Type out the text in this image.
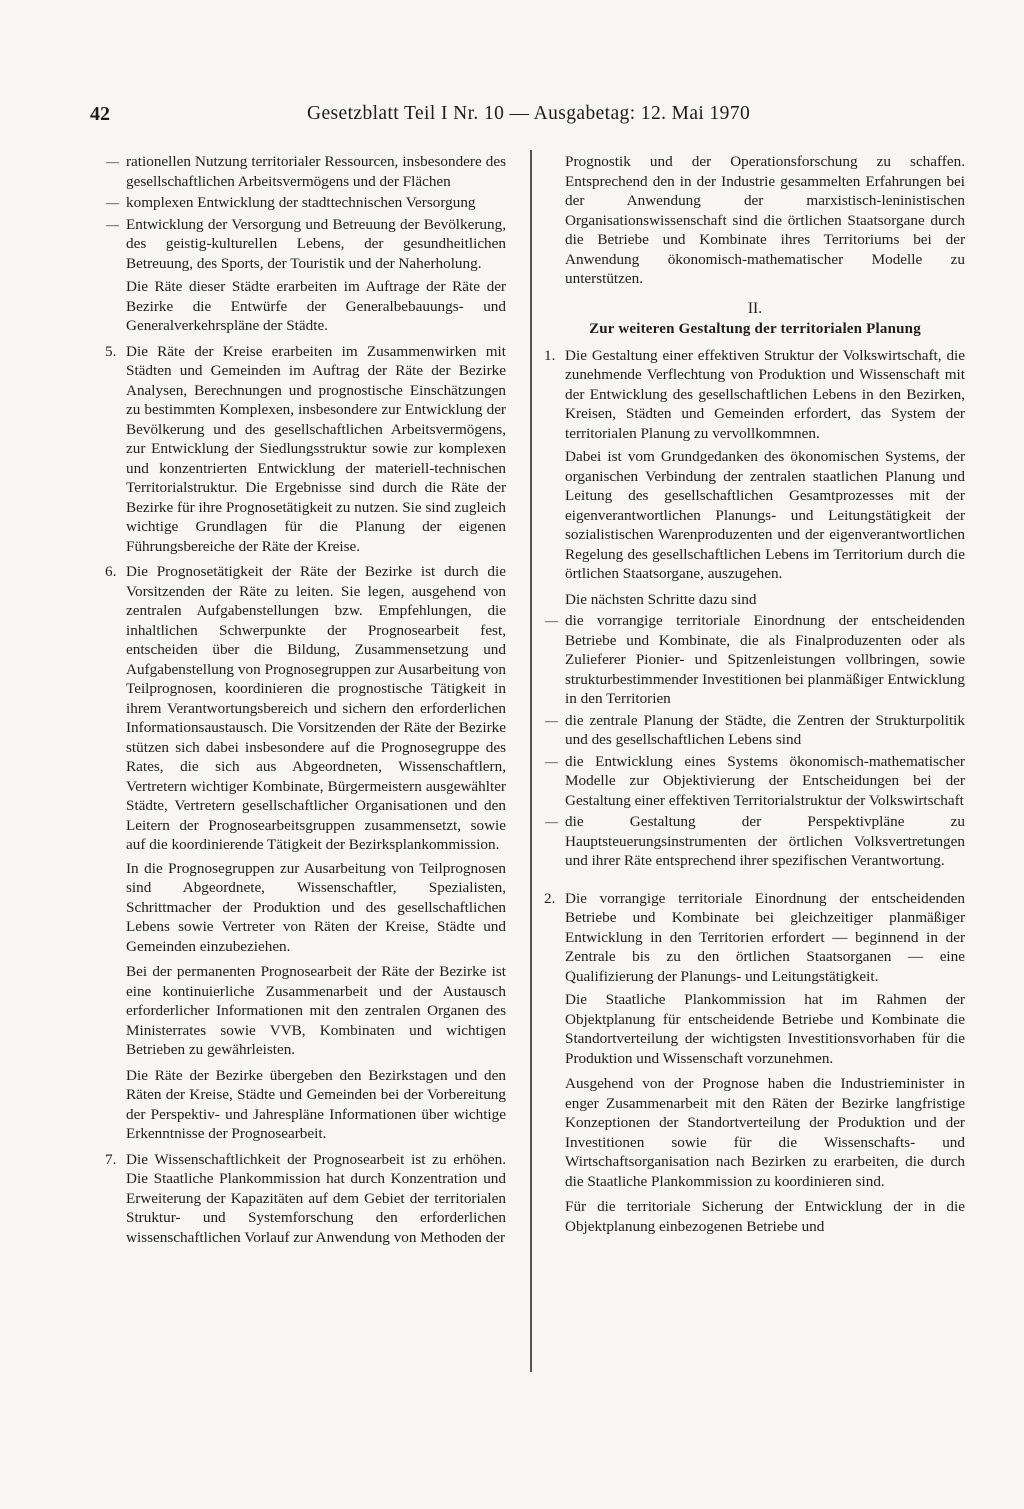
42	Gesetzblatt Teil I Nr. 10 — Ausgabetag: 12. Mai 1970
— rationellen Nutzung territorialer Ressourcen, insbesondere des gesellschaftlichen Arbeitsvermögens und der Flächen
— komplexen Entwicklung der stadttechnischen Versorgung
— Entwicklung der Versorgung und Betreuung der Bevölkerung, des geistig-kulturellen Lebens, der gesundheitlichen Betreuung, des Sports, der Touristik und der Naherholung.

Die Räte dieser Städte erarbeiten im Auftrage der Räte der Bezirke die Entwürfe der Generalbebauungs- und Generalverkehrspläne der Städte.

5. Die Räte der Kreise erarbeiten im Zusammenwirken mit Städten und Gemeinden im Auftrag der Räte der Bezirke Analysen, Berechnungen und prognostische Einschätzungen zu bestimmten Komplexen, insbesondere zur Entwicklung der Bevölkerung und des gesellschaftlichen Arbeitsvermögens, zur Entwicklung der Siedlungsstruktur sowie zur komplexen und konzentrierten Entwicklung der materiell-technischen Territorialstruktur. Die Ergebnisse sind durch die Räte der Bezirke für ihre Prognosetätigkeit zu nutzen. Sie sind zugleich wichtige Grundlagen für die Planung der eigenen Führungsbereiche der Räte der Kreise.
6. Die Prognosetätigkeit der Räte der Bezirke ist durch die Vorsitzenden der Räte zu leiten. Sie legen, ausgehend von zentralen Aufgabenstellungen bzw. Empfehlungen, die inhaltlichen Schwerpunkte der Prognosearbeit fest, entscheiden über die Bildung, Zusammensetzung und Aufgabenstellung von Prognosegruppen zur Ausarbeitung von Teilprognosen, koordinieren die prognostische Tätigkeit in ihrem Verantwortungsbereich und sichern den erforderlichen Informationsaustausch. Die Vorsitzenden der Räte der Bezirke stützen sich dabei insbesondere auf die Prognosegruppe des Rates, die sich aus Abgeordneten, Wissenschaftlern, Vertretern wichtiger Kombinate, Bürgermeistern ausgewählter Städte, Vertretern gesellschaftlicher Organisationen und den Leitern der Prognosearbeitsgruppen zusammensetzt, sowie auf die koordinierende Tätigkeit der Bezirksplankommission.

In die Prognosegruppen zur Ausarbeitung von Teilprognosen sind Abgeordnete, Wissenschaftler, Spezialisten, Schrittmacher der Produktion und des gesellschaftlichen Lebens sowie Vertreter von Räten der Kreise, Städte und Gemeinden einzubeziehen.

Bei der permanenten Prognosearbeit der Räte der Bezirke ist eine kontinuierliche Zusammenarbeit und der Austausch erforderlicher Informationen mit den zentralen Organen des Ministerrates sowie VVB, Kombinaten und wichtigen Betrieben zu gewährleisten.

Die Räte der Bezirke übergeben den Bezirkstagen und den Räten der Kreise, Städte und Gemeinden bei der Vorbereitung der Perspektiv- und Jahrespläne Informationen über wichtige Erkenntnisse der Prognosearbeit.

7. Die Wissenschaftlichkeit der Prognosearbeit ist zu erhöhen. Die Staatliche Plankommission hat durch Konzentration und Erweiterung der Kapazitäten auf dem Gebiet der territorialen Struktur- und Systemforschung den erforderlichen wissenschaftlichen Vorlauf zur Anwendung von Methoden der

Prognostik und der Operationsforschung zu schaffen. Entsprechend den in der Industrie gesammelten Erfahrungen bei der Anwendung der marxistisch-leninistischen Organisationswissenschaft sind die örtlichen Staatsorgane durch die Betriebe und Kombinate ihres Territoriums bei der Anwendung ökonomisch-mathematischer Modelle zu unterstützen.

II.
Zur weiteren Gestaltung der territorialen Planung
1. Die Gestaltung einer effektiven Struktur der Volkswirtschaft, die zunehmende Verflechtung von Produktion und Wissenschaft mit der Entwicklung des gesellschaftlichen Lebens in den Bezirken, Kreisen, Städten und Gemeinden erfordert, das System der territorialen Planung zu vervollkommnen.

Dabei ist vom Grundgedanken des ökonomischen Systems, der organischen Verbindung der zentralen staatlichen Planung und Leitung des gesellschaftlichen Gesamtprozesses mit der eigenverantwortlichen Planungs- und Leitungstätigkeit der sozialistischen Warenproduzenten und der eigenverantwortlichen Regelung des gesellschaftlichen Lebens im Territorium durch die örtlichen Staatsorgane, auszugehen.

Die nächsten Schritte dazu sind

— die vorrangige territoriale Einordnung der entscheidenden Betriebe und Kombinate, die als Finalproduzenten oder als Zulieferer Pionier- und Spitzenleistungen vollbringen, sowie strukturbestimmender Investitionen bei planmäßiger Entwicklung in den Territorien
— die zentrale Planung der Städte, die Zentren der Strukturpolitik und des gesellschaftlichen Lebens sind
— die Entwicklung eines Systems ökonomisch-mathematischer Modelle zur Objektivierung der Entscheidungen bei der Gestaltung einer effektiven Territorialstruktur der Volkswirtschaft
— die Gestaltung der Perspektivpläne zu Hauptsteuerungsinstrumenten der örtlichen Volksvertretungen und ihrer Räte entsprechend ihrer spezifischen Verantwortung.
2. Die vorrangige territoriale Einordnung der entscheidenden Betriebe und Kombinate bei gleichzeitiger planmäßiger Entwicklung in den Territorien erfordert — beginnend in der Zentrale bis zu den örtlichen Staatsorganen — eine Qualifizierung der Planungs- und Leitungstätigkeit.

Die Staatliche Plankommission hat im Rahmen der Objektplanung für entscheidende Betriebe und Kombinate die Standortverteilung der wichtigsten Investitionsvorhaben für die Produktion und Wissenschaft vorzunehmen.

Ausgehend von der Prognose haben die Industrieminister in enger Zusammenarbeit mit den Räten der Bezirke langfristige Konzeptionen der Standortverteilung der Produktion und der Investitionen sowie für die Wissenschafts- und Wirtschaftsorganisation nach Bezirken zu erarbeiten, die durch die Staatliche Plankommission zu koordinieren sind.

Für die territoriale Sicherung der Entwicklung der in die Objektplanung einbezogenen Betriebe und
